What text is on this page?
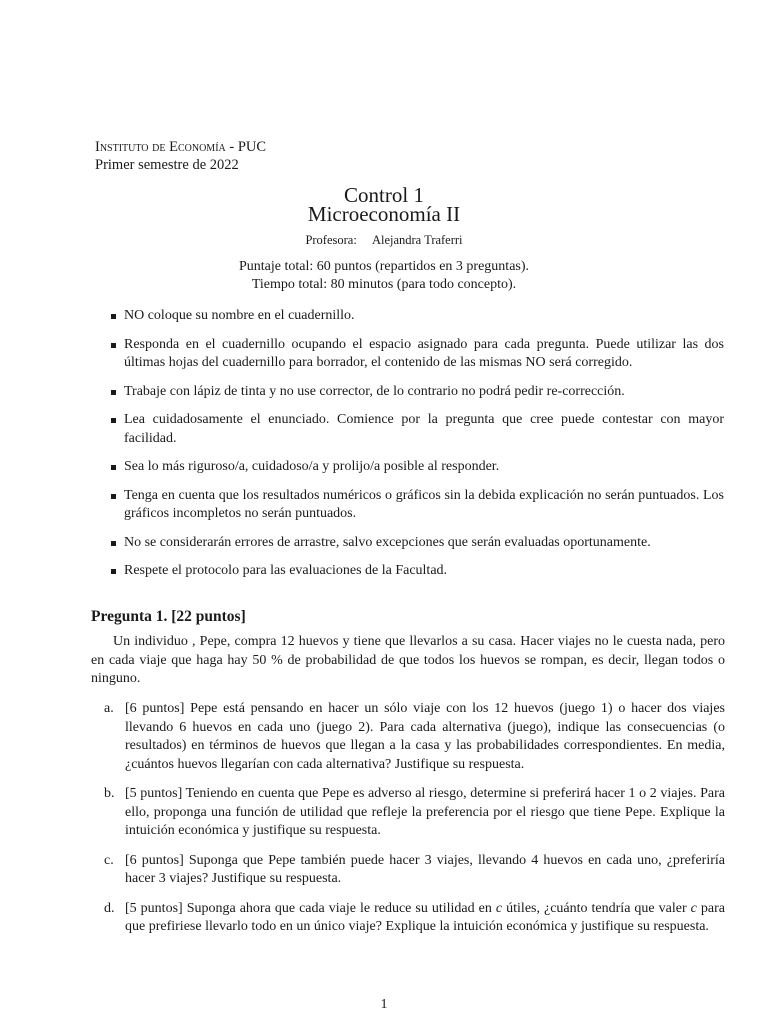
Instituto de Economía - PUC
Primer semestre de 2022
Control 1
Microeconomía II
Profesora: Alejandra Traferri
Puntaje total: 60 puntos (repartidos en 3 preguntas).
Tiempo total: 80 minutos (para todo concepto).
NO coloque su nombre en el cuadernillo.
Responda en el cuadernillo ocupando el espacio asignado para cada pregunta. Puede utilizar las dos últimas hojas del cuadernillo para borrador, el contenido de las mismas NO será corregido.
Trabaje con lápiz de tinta y no use corrector, de lo contrario no podrá pedir re-corrección.
Lea cuidadosamente el enunciado. Comience por la pregunta que cree puede contestar con mayor facilidad.
Sea lo más riguroso/a, cuidadoso/a y prolijo/a posible al responder.
Tenga en cuenta que los resultados numéricos o gráficos sin la debida explicación no serán puntuados. Los gráficos incompletos no serán puntuados.
No se considerarán errores de arrastre, salvo excepciones que serán evaluadas oportunamente.
Respete el protocolo para las evaluaciones de la Facultad.
Pregunta 1. [22 puntos]

Un individuo , Pepe, compra 12 huevos y tiene que llevarlos a su casa. Hacer viajes no le cuesta nada, pero en cada viaje que haga hay 50 % de probabilidad de que todos los huevos se rompan, es decir, llegan todos o ninguno.

a. [6 puntos] Pepe está pensando en hacer un sólo viaje con los 12 huevos (juego 1) o hacer dos viajes llevando 6 huevos en cada uno (juego 2). Para cada alternativa (juego), indique las consecuencias (o resultados) en términos de huevos que llegan a la casa y las probabilidades correspondientes. En media, ¿cuántos huevos llegarían con cada alternativa? Justifique su respuesta.
b. [5 puntos] Teniendo en cuenta que Pepe es adverso al riesgo, determine si preferirá hacer 1 o 2 viajes. Para ello, proponga una función de utilidad que refleje la preferencia por el riesgo que tiene Pepe. Explique la intuición económica y justifique su respuesta.
c. [6 puntos] Suponga que Pepe también puede hacer 3 viajes, llevando 4 huevos en cada uno, ¿preferiría hacer 3 viajes? Justifique su respuesta.
d. [5 puntos] Suponga ahora que cada viaje le reduce su utilidad en c útiles, ¿cuánto tendría que valer c para que prefiriese llevarlo todo en un único viaje? Explique la intuición económica y justifique su respuesta.
1
